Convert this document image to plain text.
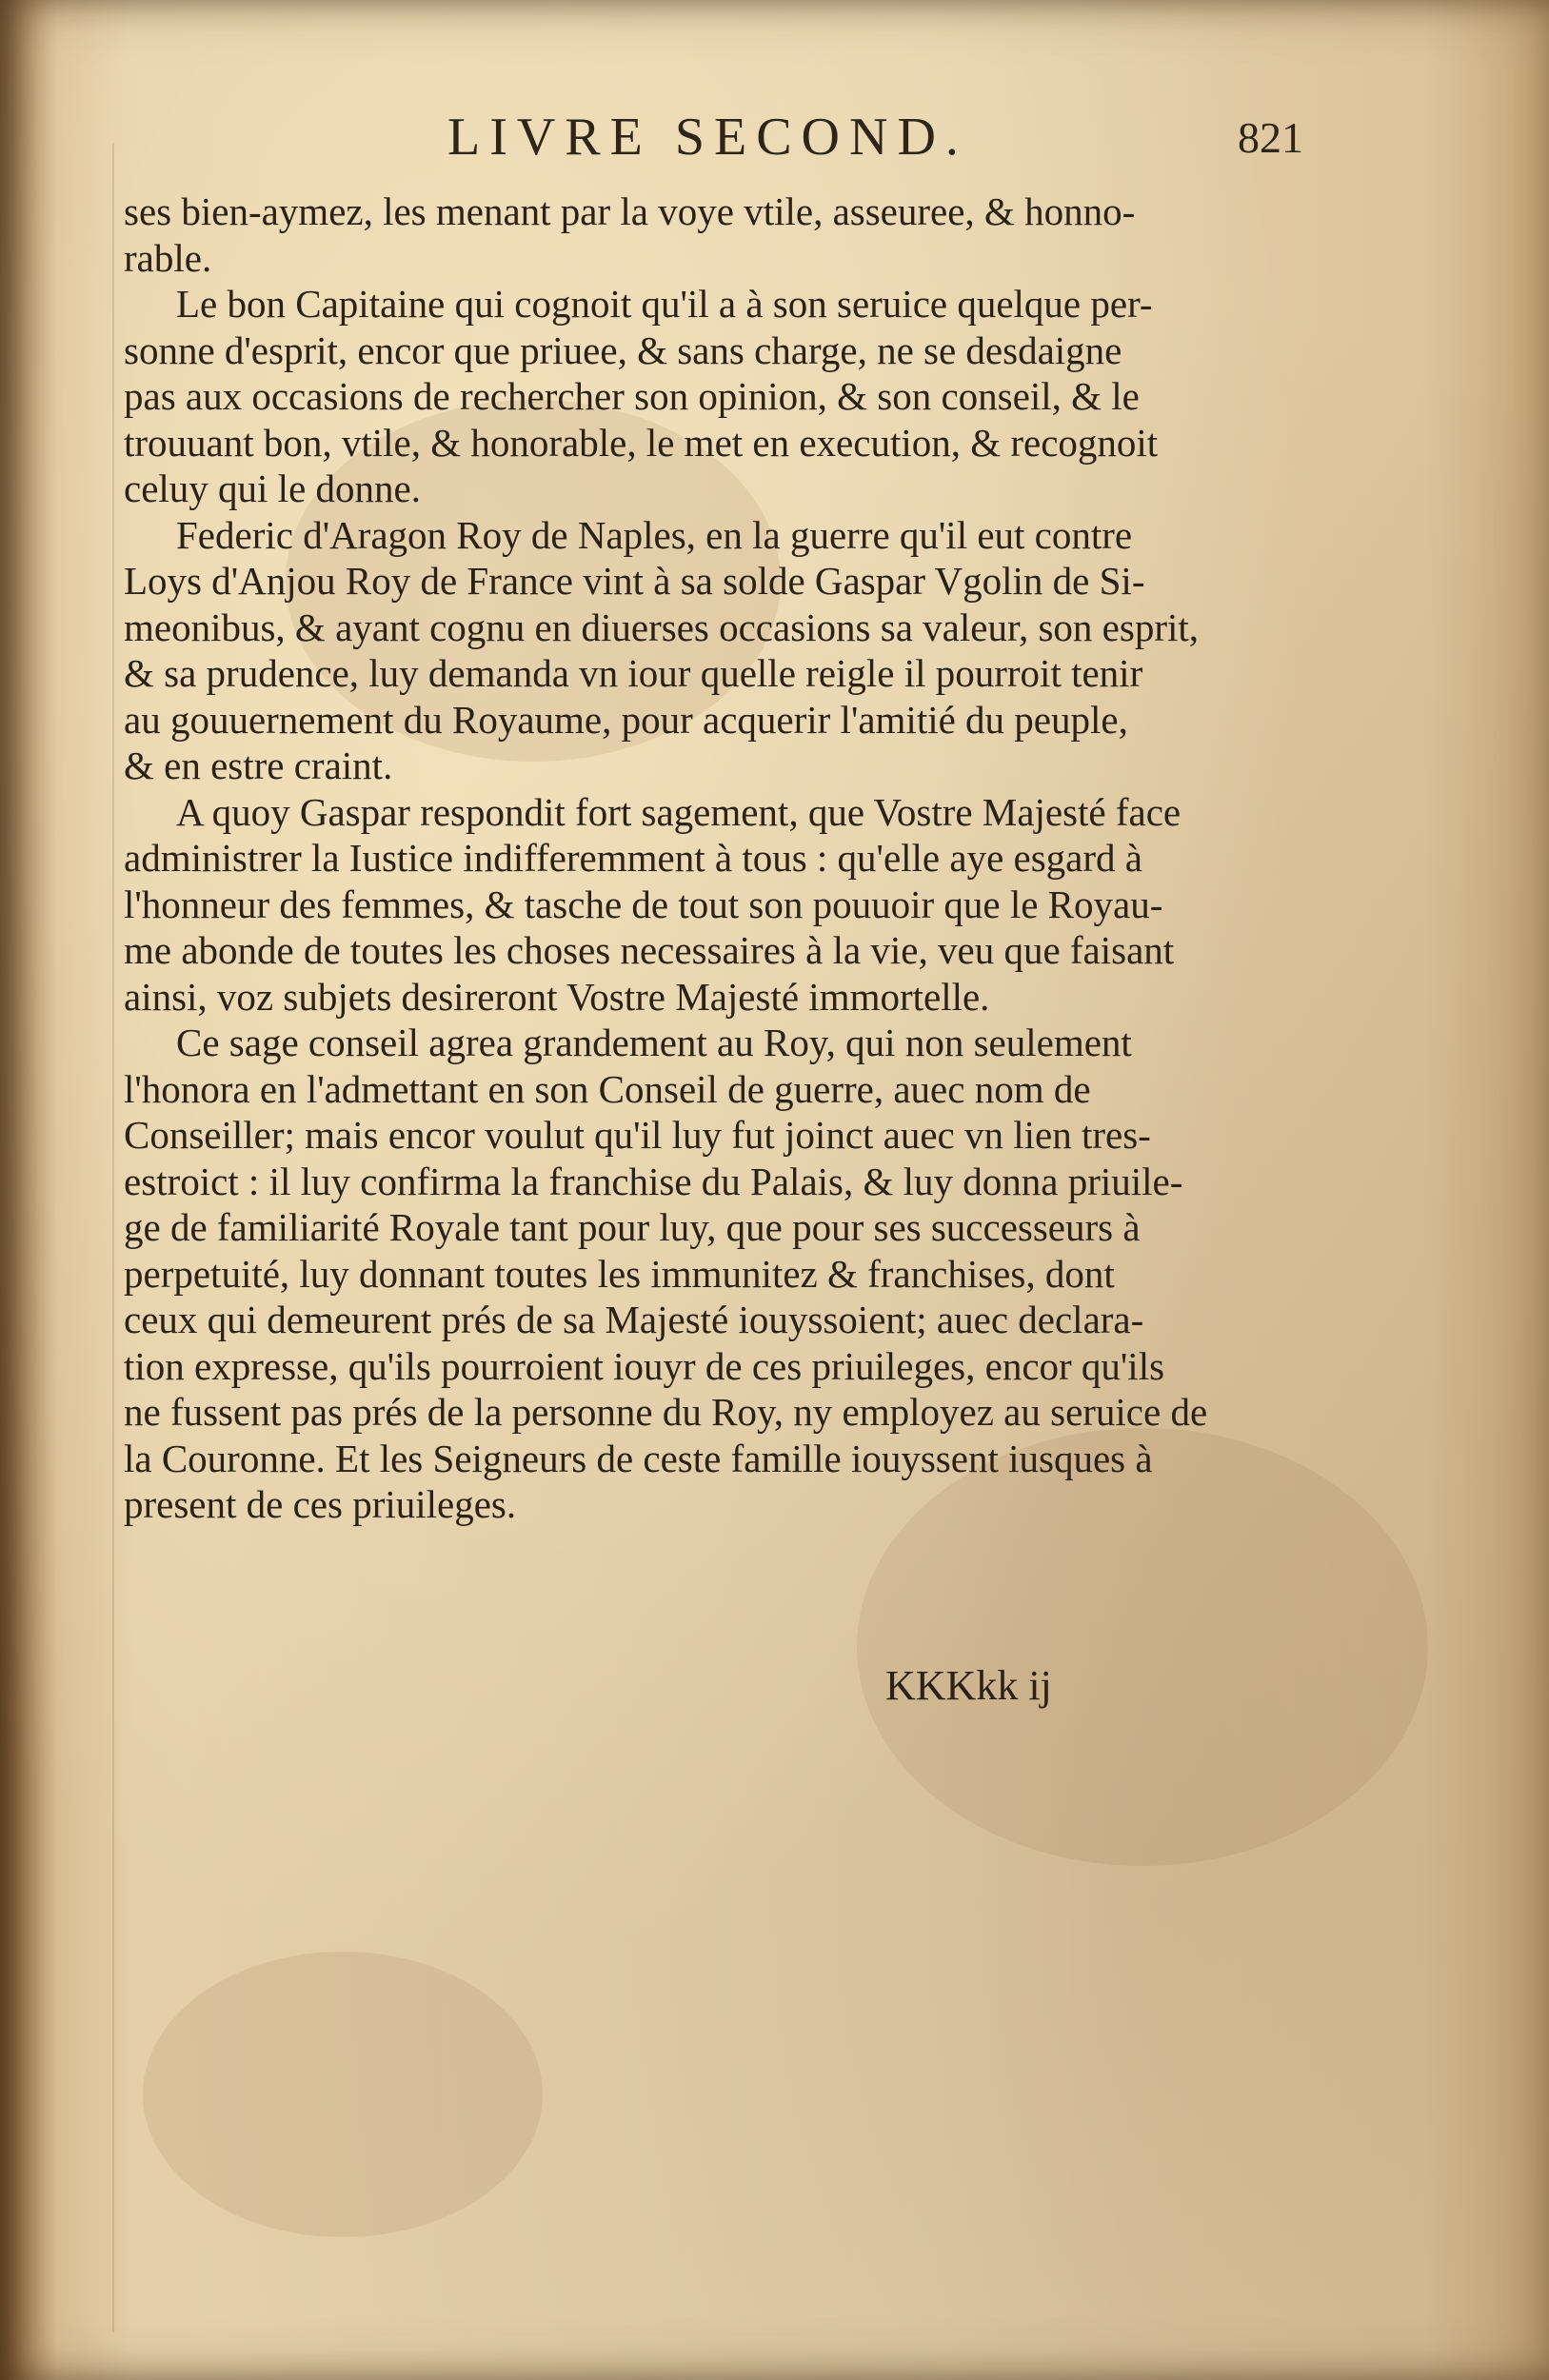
LIVRE SECOND.	821
ses bien-aymez, les menant par la voye vtile, asseuree, & honno-
rable.
Le bon Capitaine qui cognoit qu'il a à son seruice quelque per-
sonne d'esprit, encor que priuee, & sans charge, ne se desdaigne
pas aux occasions de rechercher son opinion, & son conseil, & le
trouuant bon, vtile, & honorable, le met en execution, & recognoit
celuy qui le donne.
Federic d'Aragon Roy de Naples, en la guerre qu'il eut contre
Loys d'Anjou Roy de France vint à sa solde Gaspar Vgolin de Si-
meonibus, & ayant cognu en diuerses occasions sa valeur, son esprit,
& sa prudence, luy demanda vn iour quelle reigle il pourroit tenir
au gouuernement du Royaume, pour acquerir l'amitié du peuple,
& en estre craint.
A quoy Gaspar respondit fort sagement, que Vostre Majesté face
administrer la Iustice indifferemment à tous : qu'elle aye esgard à
l'honneur des femmes, & tasche de tout son pouuoir que le Royau-
me abonde de toutes les choses necessaires à la vie, veu que faisant
ainsi, voz subjets desireront Vostre Majesté immortelle.
Ce sage conseil agrea grandement au Roy, qui non seulement
l'honora en l'admettant en son Conseil de guerre, auec nom de
Conseiller; mais encor voulut qu'il luy fut joinct auec vn lien tres-
estroict : il luy confirma la franchise du Palais, & luy donna priuile-
ge de familiarité Royale tant pour luy, que pour ses successeurs à
perpetuité, luy donnant toutes les immunitez & franchises, dont
ceux qui demeurent prés de sa Majesté iouyssoient; auec declara-
tion expresse, qu'ils pourroient iouyr de ces priuileges, encor qu'ils
ne fussent pas prés de la personne du Roy, ny employez au seruice de
la Couronne. Et les Seigneurs de ceste famille iouyssent iusques à
present de ces priuileges.
KKKkk ij
